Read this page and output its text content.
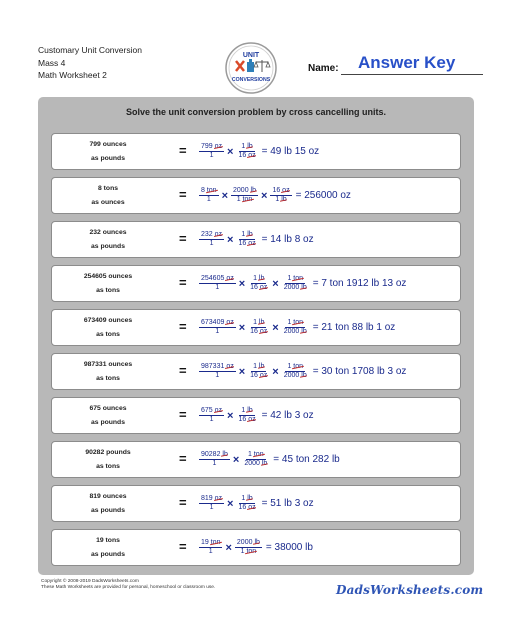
Customary Unit Conversion
Mass 4
Math Worksheet 2
UNIT
CONVERSIONS
Name: Answer Key
Solve the unit conversion problem by cross cancelling units.
799 ounces
as pounds
= $\frac{799 oz}{1} \times \frac{1 lb}{16 oz} = 49$ lb 15 oz
8 tons
as ounces
= $\frac{\text{8 ton}}{1} \times \frac{2000 lb}{\text{1 ton}} \times \frac{16 oz}{1 lb} = 256000$ oz
232 ounces
as pounds
= $\frac{232 oz}{1} \times \frac{1 lb}{16 oz} = 14$ lb 8 oz
254605 ounces
as tons
= $\frac{254605 oz}{1} \times \frac{1 lb}{16 oz} \times \frac{\text{1 ton}}{2000 lb} = 7$ ton 1912 lb 13 oz
673409 ounces
as tons
= $\frac{673409 oz}{1} \times \frac{1 lb}{16 oz} \times \frac{\text{1 ton}}{2000 lb} = 21$ ton 88 lb 1 oz
987331 ounces
as tons
= $\frac{987331 oz}{1} \times \frac{1 lb}{16 oz} \times \frac{\text{1 ton}}{2000 lb} = 30$ ton 1708 lb 3 oz
675 ounces
as pounds
= $\frac{675 oz}{1} \times \frac{1 lb}{16 oz} = 42$ lb 3 oz
90282 pounds
as tons
= $\frac{90282 lb}{1} \times \frac{\text{1 ton}}{2000 lb} = 45$ ton 282 lb
819 ounces
as pounds
= $\frac{819 oz}{1} \times \frac{1 lb}{16 oz} = 51$ lb 3 oz
19 tons
as pounds
= $\frac{\text{19 ton}}{1} \times \frac{2000 lb}{\text{1 ton}} = 38000$ lb
Copyright © 2008-2019 DadsWorksheets.com
These Math Worksheets are provided for personal, homeschool or classroom use.	DadsWorksheets.com
